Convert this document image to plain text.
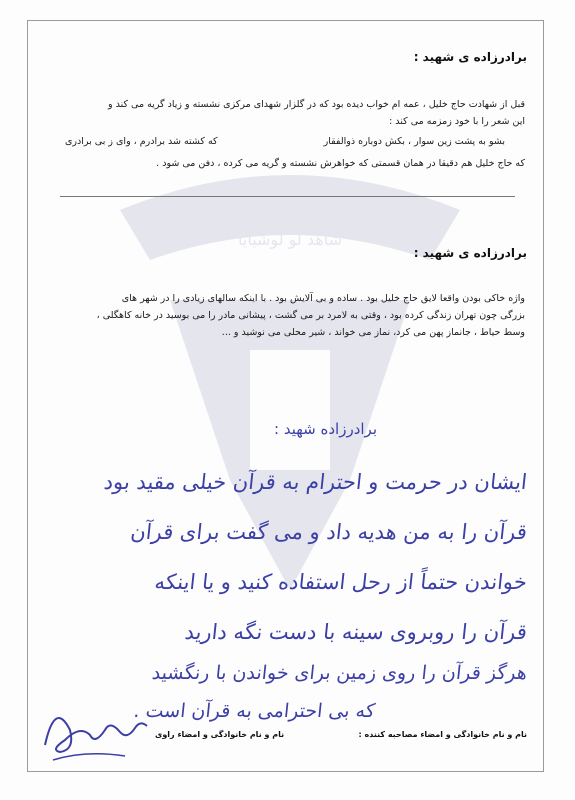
شاهد لو لوشیایا
برادرزاده ی شهید :

قبل از شهادت حاج خلیل ، عمه ام خواب دیده بود که در گلزار شهدای مرکزی نشسته و زیاد گریه می کند و

این شعر را با خود زمزمه می کند :

بشو به پشت زین سوار ، بکش دوباره ذوالفقار
که کشته شد برادرم ، وای ز بی برادری
که حاج خلیل هم دقیقا در همان قسمتی که خواهرش نشسته و گریه می کرده ، دفن می شود .
برادرزاده ی شهید :

واژه خاکی بودن واقعا لایق حاج خلیل بود . ساده و بی آلایش بود . با اینکه سالهای زیادی را در شهر های

بزرگی چون تهران زندگی کرده بود ، وقتی به لامرد بر می گشت ، پیشانی مادر را می بوسید در خانه کاهگلی ،

وسط حیاط ، جانماز پهن می کرد، نماز می خواند ، شیر محلی می نوشید و ...

برادرزاده شهید :
ایشان در حرمت و احترام به قرآن خیلی مقید بود
قرآن را به من هدیه داد و می گفت برای قرآن
خواندن حتماً از رحل استفاده کنید و یا اینکه
قرآن را روبروی سینه با دست نگه دارید
هرگز قرآن را روی زمین برای خواندن با رنگشید
که بی احترامی به قرآن است .
نام و نام خانوادگی و امضاء مصاحبه کننده :
نام و نام خانوادگی و امضاء راوی
